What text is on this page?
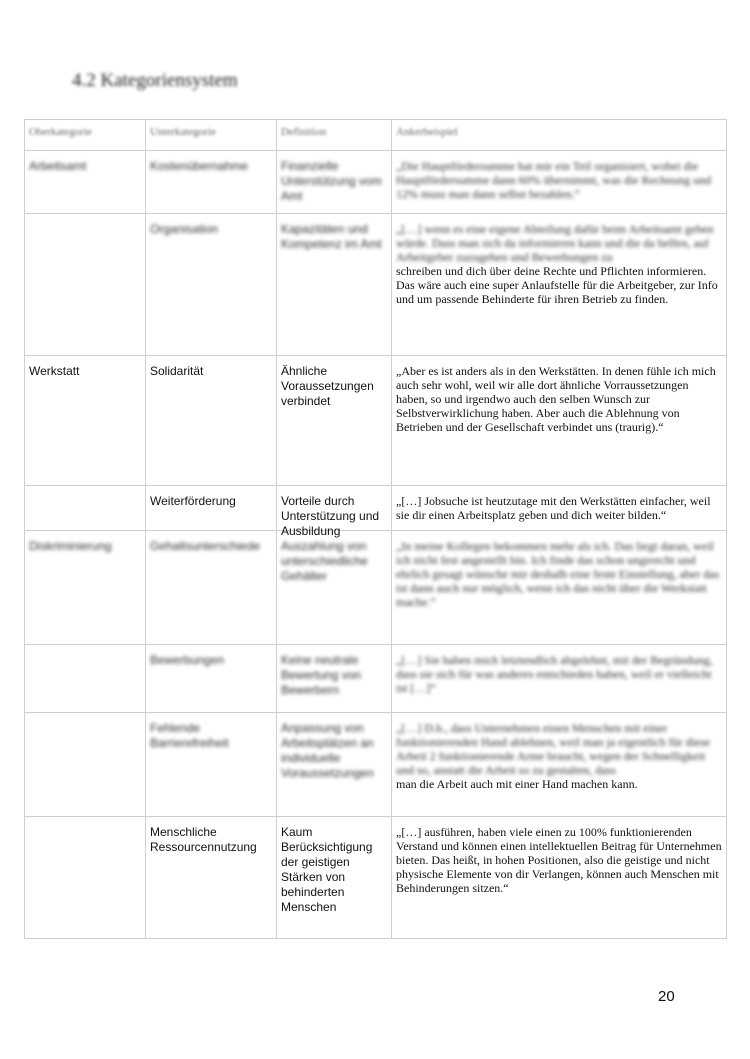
4.2 Kategoriensystem
Oberkategorie	Unterkategorie	Definition	Ankerbeispiel
Arbeitsamt	Kostenübernahme	Finanzielle Unterstützung vom Amt	„Die Hauptfördersumme hat mir ein Teil organisiert, wobei die Hauptfördersumme dann 60% übernimmt, was die Rechnung und 12% muss man dann selbst bezahlen.“

	Organisation	Kapazitäten und Kompetenz im Amt	„[…] wenn es eine eigene Abteilung dafür beim Arbeitsamt geben würde. Dass man sich da informieren kann und die da helfen, auf Arbeitgeber zuzugehen und Bewerbungen zu
schreiben und dich über deine Rechte und Pflichten informieren. Das wäre auch eine super Anlaufstelle für die Arbeitgeber, zur Info und um passende Behinderte für ihren Betrieb zu finden.

Werkstatt	Solidarität	Ähnliche Voraussetzungen verbindet	„Aber es ist anders als in den Werkstätten. In denen fühle ich mich auch sehr wohl, weil wir alle dort ähnliche Vorraussetzungen haben, so und irgendwo auch den selben Wunsch zur Selbstverwirklichung haben. Aber auch die Ablehnung von Betrieben und der Gesellschaft verbindet uns (traurig).“
	Weiterförderung	Vorteile durch Unterstützung und Ausbildung	„[…] Jobsuche ist heutzutage mit den Werkstätten einfacher, weil sie dir einen Arbeitsplatz geben und dich weiter bilden.“
Diskriminierung	Gehaltsunterschiede	Auszahlung von unterschiedliche Gehälter	„In meine Kollegen bekommen mehr als ich. Das liegt daran, weil ich nicht fest angestellt bin. Ich finde das schon ungerecht und ehrlich gesagt wünsche mir deshalb eine feste Einstellung, aber das ist dann auch nur möglich, wenn ich das nicht über die Werkstatt mache.“

	Bewerbungen	Keine neutrale Bewertung von Bewerbern	„[…] Sie haben mich letztendlich abgelehnt, mit der Begründung, dass sie sich für was anderes entschieden haben, weil er vielleicht ist […]“

	Fehlende Barrierefreiheit	Anpassung von Arbeitsplätzen an individuelle Voraussetzungen	„[…] D.h., dass Unternehmen einen Menschen mit einer funktionierenden Hand ablehnen, weil man ja eigentlich für diese Arbeit 2 funktionierende Arme braucht, wegen der Schnelligkeit und so, anstatt die Arbeit so zu gestalten, dass
man die Arbeit auch mit einer Hand machen kann.

	Menschliche Ressourcennutzung	Kaum Berücksichtigung der geistigen Stärken von behinderten Menschen	„[…] ausführen, haben viele einen zu 100% funktionierenden Verstand und können einen intellektuellen Beitrag für Unternehmen bieten. Das heißt, in hohen Positionen, also die geistige und nicht physische Elemente von dir Verlangen, können auch Menschen mit Behinderungen sitzen.“
20
